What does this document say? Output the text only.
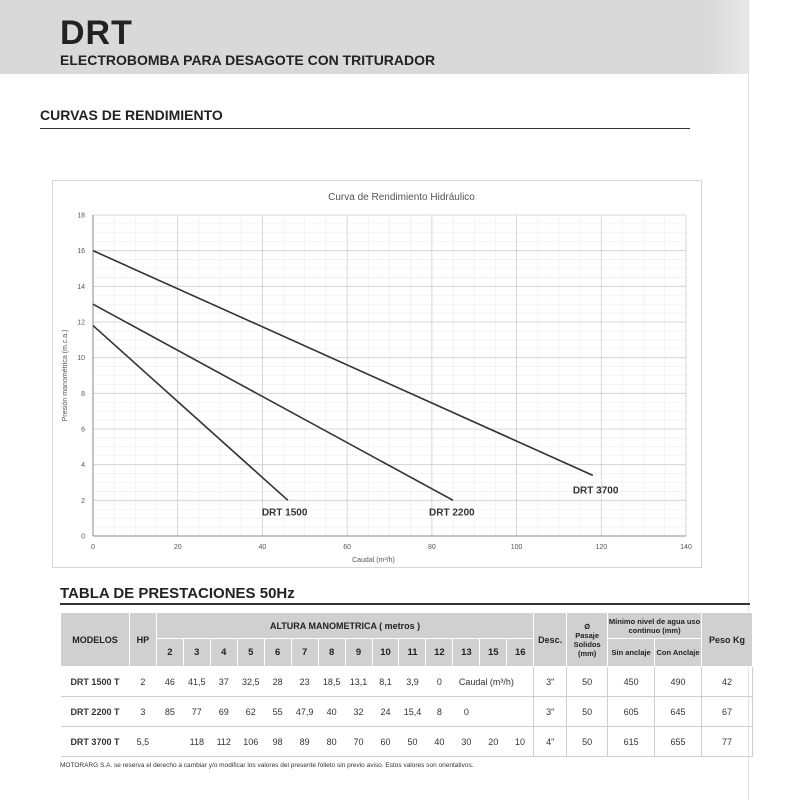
DRT
ELECTROBOMBA PARA DESAGOTE CON TRITURADOR
CURVAS DE RENDIMIENTO
0	20	40	60	80	100	120	140
0
2
4
6
8
10
12
14
16
18
Curva de Rendimiento Hidráulico
Caudal (m³/h)
Presión manométrica (m.c.a.)
DRT 1500	DRT 2200
DRT 3700
TABLA DE PRESTACIONES 50Hz
MODELOS	HP	ALTURA MANOMETRICA ( metros )														Desc.	Ø
Pasaje Solidos (mm)	Mínimo nivel de agua uso continuo (mm)		Peso Kg
		2	3	4	5	6	7	8	9	10	11	12	13	15	16			Sin anclaje	Con Anclaje	
DRT 1500 T	2	46	41,5	37	32,5	28	23	18,5	13,1	8,1	3,9	0	Caudal (m³/h)			3"	50	450	490	42
DRT 2200 T	3	85	77	69	62	55	47,9	40	32	24	15,4	8	0			3"	50	605	645	67
DRT 3700 T	5,5		118	112	106	98	89	80	70	60	50	40	30	20	10	4"	50	615	655	77
MOTORARG S.A. se reserva el derecho a cambiar y/o modificar los valores del presente folleto sin previo aviso. Estos valores son orientativos.
